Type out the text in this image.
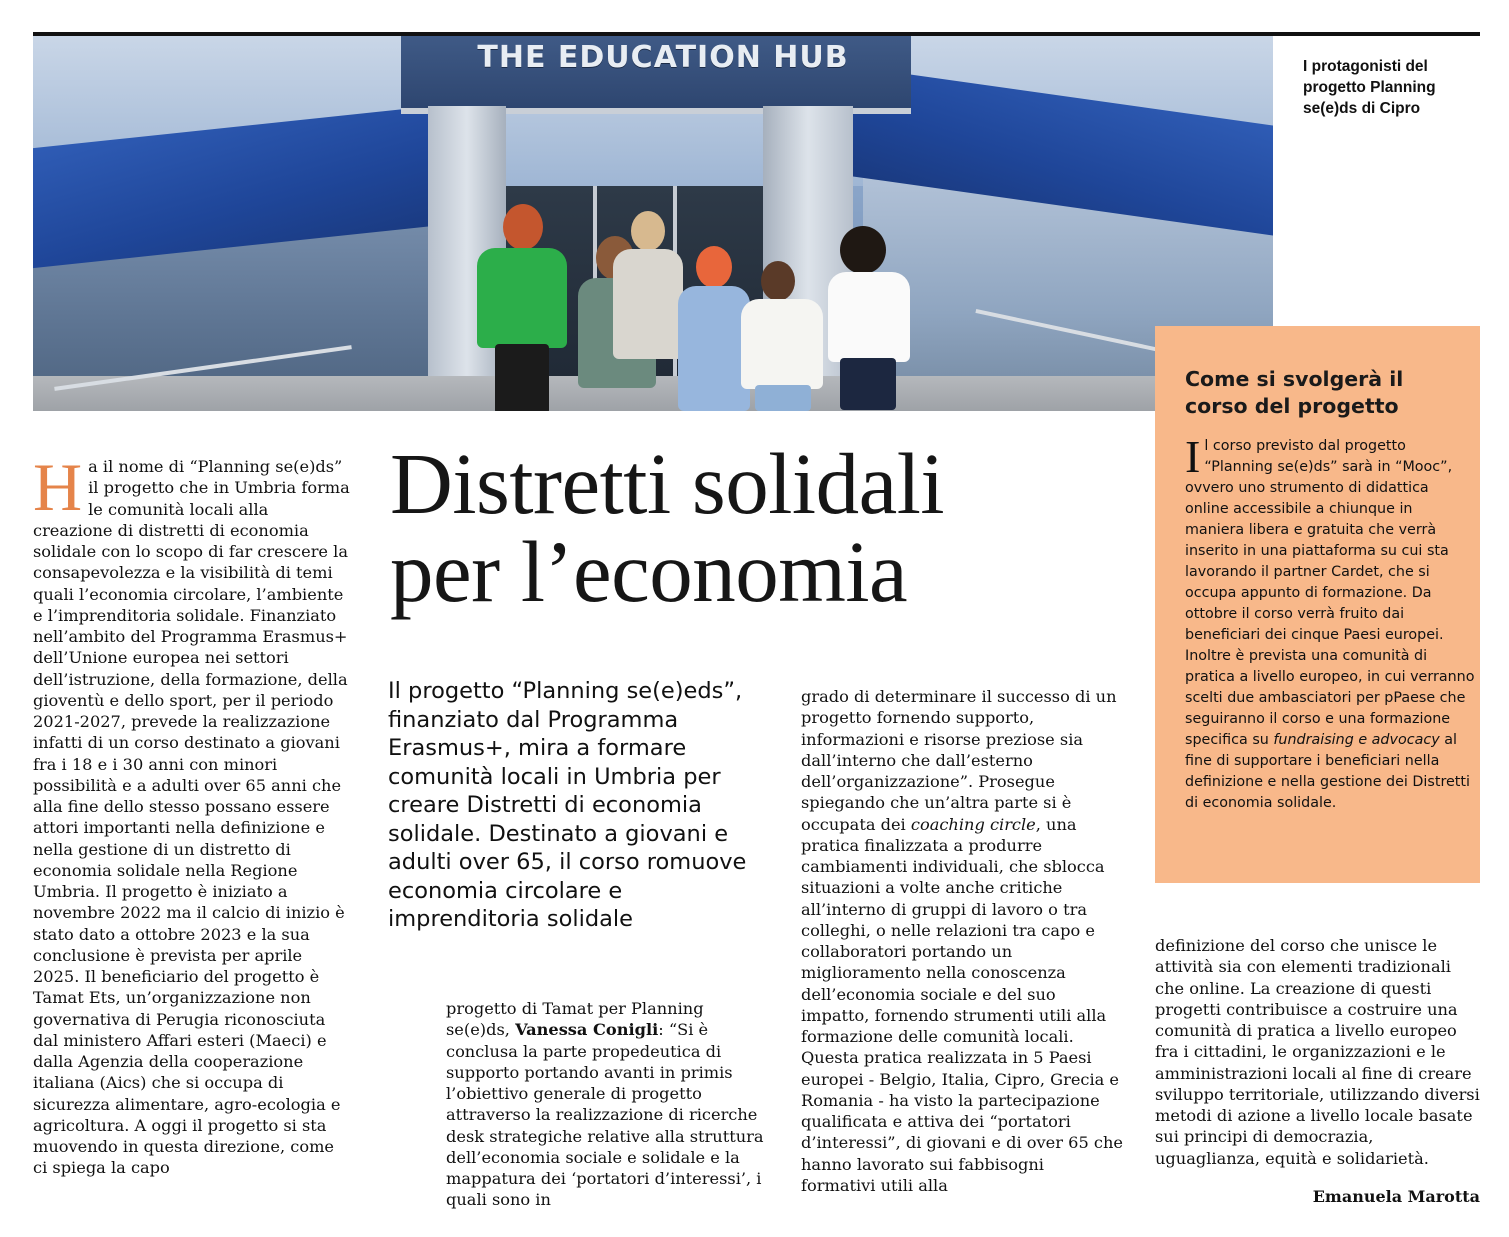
THE EDUCATION HUB	I protagonisti del progetto Planning se(e)ds di Cipro
Distretti solidali
per l’economia

Il progetto “Planning se(e)eds”, finanziato dal Programma Erasmus+, mira a formare comunità locali in Umbria per creare Distretti di economia solidale. Destinato a giovani e adulti over 65, il corso romuove economia circolare e imprenditoria solidale

Ha il nome di “Planning se(e)ds” il progetto che in Umbria forma le comunità locali alla creazione di distretti di economia solidale con lo scopo di far crescere la consapevolezza e la visibilità di temi quali l’economia circolare, l’ambiente e l’imprenditoria solidale. Finanziato nell’ambito del Programma Erasmus+ dell’Unione europea nei settori dell’istruzione, della formazione, della gioventù e dello sport, per il periodo 2021-2027, prevede la realizzazione infatti di un corso destinato a giovani fra i 18 e i 30 anni con minori possibilità e a adulti over 65 anni che alla fine dello stesso possano essere attori importanti nella definizione e nella gestione di un distretto di economia solidale nella Regione Umbria. Il progetto è iniziato a novembre 2022 ma il calcio di inizio è stato dato a ottobre 2023 e la sua conclusione è prevista per aprile 2025. Il beneficiario del progetto è Tamat Ets, un’organizzazione non governativa di Perugia riconosciuta dal ministero Affari esteri (Maeci) e dalla Agenzia della cooperazione italiana (Aics) che si occupa di sicurezza alimentare, agro-ecologia e agricoltura. A oggi il progetto si sta muovendo in questa direzione, come ci spiega la capo

progetto di Tamat per Planning se(e)ds, Vanessa Conigli: “Si è conclusa la parte propedeutica di supporto portando avanti in primis l’obiettivo generale di progetto attraverso la realizzazione di ricerche desk strategiche relative alla struttura dell’economia sociale e solidale e la mappatura dei ‘portatori d’interessi’, i quali sono in

grado di determinare il successo di un progetto fornendo supporto, informazioni e risorse preziose sia dall’interno che dall’esterno dell’organizzazione”. Prosegue spiegando che un’altra parte si è occupata dei coaching circle, una pratica finalizzata a produrre cambiamenti individuali, che sblocca situazioni a volte anche critiche all’interno di gruppi di lavoro o tra colleghi, o nelle relazioni tra capo e collaboratori portando un miglioramento nella conoscenza dell’economia sociale e del suo impatto, fornendo strumenti utili alla formazione delle comunità locali. Questa pratica realizzata in 5 Paesi europei - Belgio, Italia, Cipro, Grecia e Romania - ha visto la partecipazione qualificata e attiva dei “portatori d’interessi”, di giovani e di over 65 che hanno lavorato sui fabbisogni formativi utili alla

definizione del corso che unisce le attività sia con elementi tradizionali che online. La creazione di questi progetti contribuisce a costruire una comunità di pratica a livello europeo fra i cittadini, le organizzazioni e le amministrazioni locali al fine di creare sviluppo territoriale, utilizzando diversi metodi di azione a livello locale basate sui principi di democrazia, uguaglianza, equità e solidarietà.

Emanuela Marotta
Come si svolgerà il corso del progetto

Il corso previsto dal progetto “Planning se(e)ds” sarà in “Mooc”, ovvero uno strumento di didattica online accessibile a chiunque in maniera libera e gratuita che verrà inserito in una piattaforma su cui sta lavorando il partner Cardet, che si occupa appunto di formazione. Da ottobre il corso verrà fruito dai beneficiari dei cinque Paesi europei. Inoltre è prevista una comunità di pratica a livello europeo, in cui verranno scelti due ambasciatori per pPaese che seguiranno il corso e una formazione specifica su fundraising e advocacy al fine di supportare i beneficiari nella definizione e nella gestione dei Distretti di economia solidale.
